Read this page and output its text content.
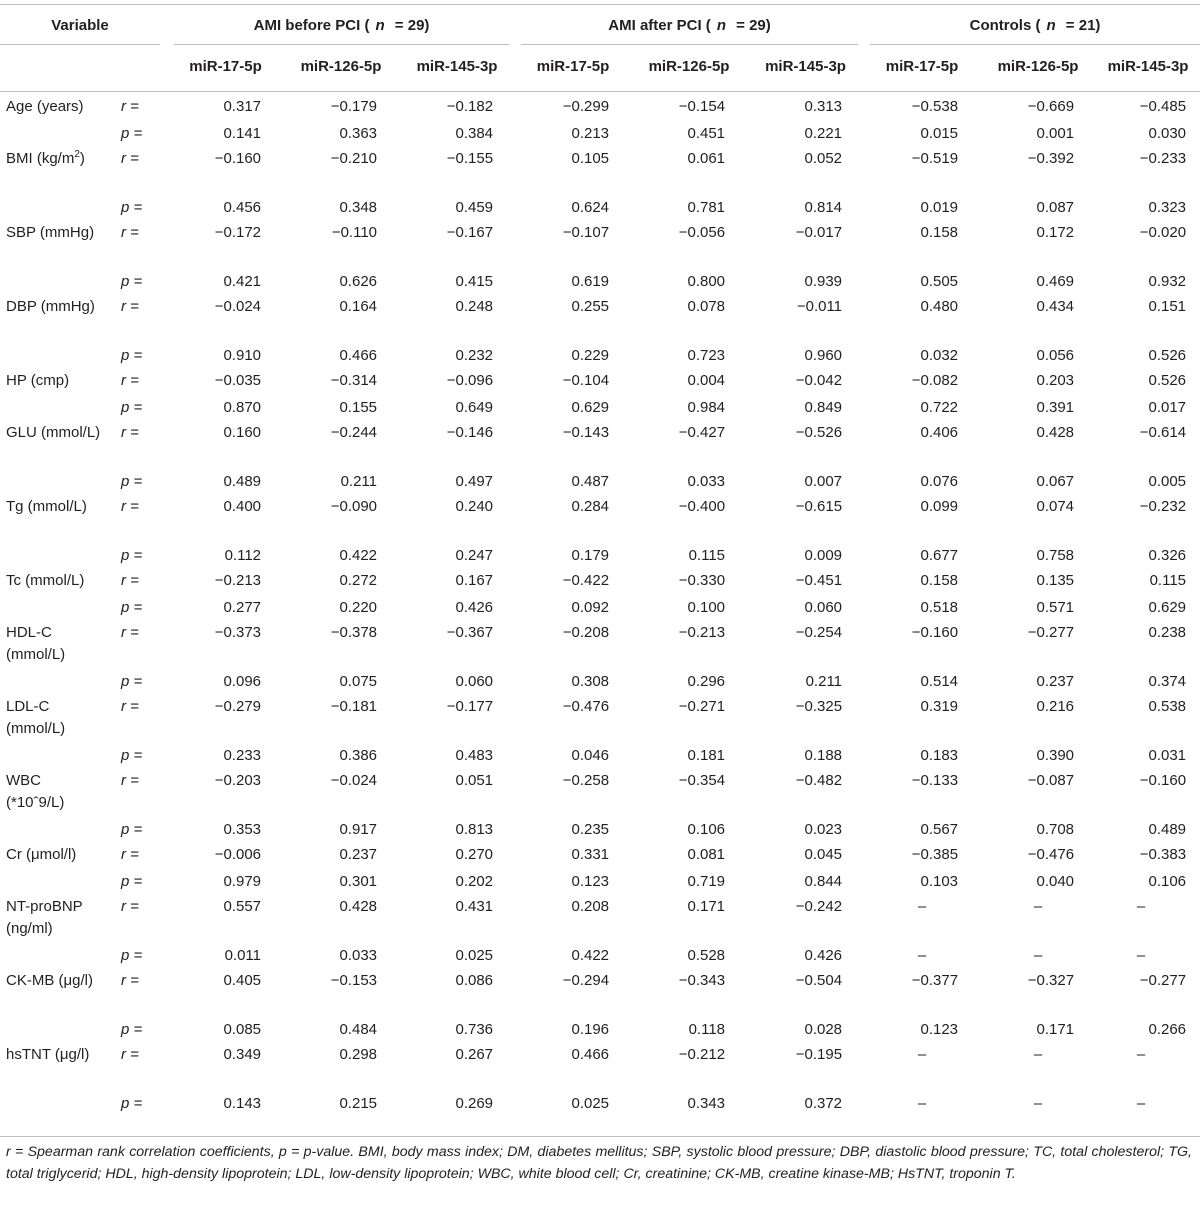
Variable		AMI before PCI ( n = 29)			AMI after PCI ( n = 29)			Controls ( n = 21)		

		miR-17-5p	miR-126-5p	miR-145-3p	miR-17-5p	miR-126-5p	miR-145-3p	miR-17-5p	miR-126-5p	miR-145-3p
Age (years)	r =	0.317	−0.179	−0.182	−0.299	−0.154	0.313	−0.538	−0.669	−0.485
	p =	0.141	0.363	0.384	0.213	0.451	0.221	0.015	0.001	0.030
BMI $(kg/m^2)$	r =	−0.160	−0.210	−0.155	0.105	0.061	0.052	−0.519	−0.392	−0.233
	p =	0.456	0.348	0.459	0.624	0.781	0.814	0.019	0.087	0.323
SBP (mmHg)	r =	−0.172	−0.110	−0.167	−0.107	−0.056	−0.017	0.158	0.172	−0.020
	p =	0.421	0.626	0.415	0.619	0.800	0.939	0.505	0.469	0.932
DBP (mmHg)	r =	−0.024	0.164	0.248	0.255	0.078	−0.011	0.480	0.434	0.151
	p =	0.910	0.466	0.232	0.229	0.723	0.960	0.032	0.056	0.526
HP (cmp)	r =	−0.035	−0.314	−0.096	−0.104	0.004	−0.042	−0.082	0.203	0.526
	p =	0.870	0.155	0.649	0.629	0.984	0.849	0.722	0.391	0.017
GLU (mmol/L)	r =	0.160	−0.244	−0.146	−0.143	−0.427	−0.526	0.406	0.428	−0.614
	p =	0.489	0.211	0.497	0.487	0.033	0.007	0.076	0.067	0.005
Tg (mmol/L)	r =	0.400	−0.090	0.240	0.284	−0.400	−0.615	0.099	0.074	−0.232
	p =	0.112	0.422	0.247	0.179	0.115	0.009	0.677	0.758	0.326
Tc (mmol/L)	r =	−0.213	0.272	0.167	−0.422	−0.330	−0.451	0.158	0.135	0.115
	p =	0.277	0.220	0.426	0.092	0.100	0.060	0.518	0.571	0.629
HDL-C (mmol/L)	r =	−0.373	−0.378	−0.367	−0.208	−0.213	−0.254	−0.160	−0.277	0.238
	p =	0.096	0.075	0.060	0.308	0.296	0.211	0.514	0.237	0.374
LDL-C (mmol/L)	r =	−0.279	−0.181	−0.177	−0.476	−0.271	−0.325	0.319	0.216	0.538
	p =	0.233	0.386	0.483	0.046	0.181	0.188	0.183	0.390	0.031
WBC (*10ˆ9/L)	r =	−0.203	−0.024	0.051	−0.258	−0.354	−0.482	−0.133	−0.087	−0.160
	p =	0.353	0.917	0.813	0.235	0.106	0.023	0.567	0.708	0.489
Cr (μmol/l)	r =	−0.006	0.237	0.270	0.331	0.081	0.045	−0.385	−0.476	−0.383
	p =	0.979	0.301	0.202	0.123	0.719	0.844	0.103	0.040	0.106
NT-proBNP (ng/ml)	r =	0.557	0.428	0.431	0.208	0.171	−0.242	–	–	–
	p =	0.011	0.033	0.025	0.422	0.528	0.426	–	–	–
CK-MB (μg/l)	r =	0.405	−0.153	0.086	−0.294	−0.343	−0.504	−0.377	−0.327	−0.277
	p =	0.085	0.484	0.736	0.196	0.118	0.028	0.123	0.171	0.266
hsTNT (μg/l)	r =	0.349	0.298	0.267	0.466	−0.212	−0.195	–	–	–
	p =	0.143	0.215	0.269	0.025	0.343	0.372	–	–	–
r = Spearman rank correlation coefficients, p = p-value. BMI, body mass index; DM, diabetes mellitus; SBP, systolic blood pressure; DBP, diastolic blood pressure; TC, total cholesterol; TG, total triglycerid; HDL, high-density lipoprotein; LDL, low-density lipoprotein; WBC, white blood cell; Cr, creatinine; CK-MB, creatine kinase-MB; HsTNT, troponin T.
